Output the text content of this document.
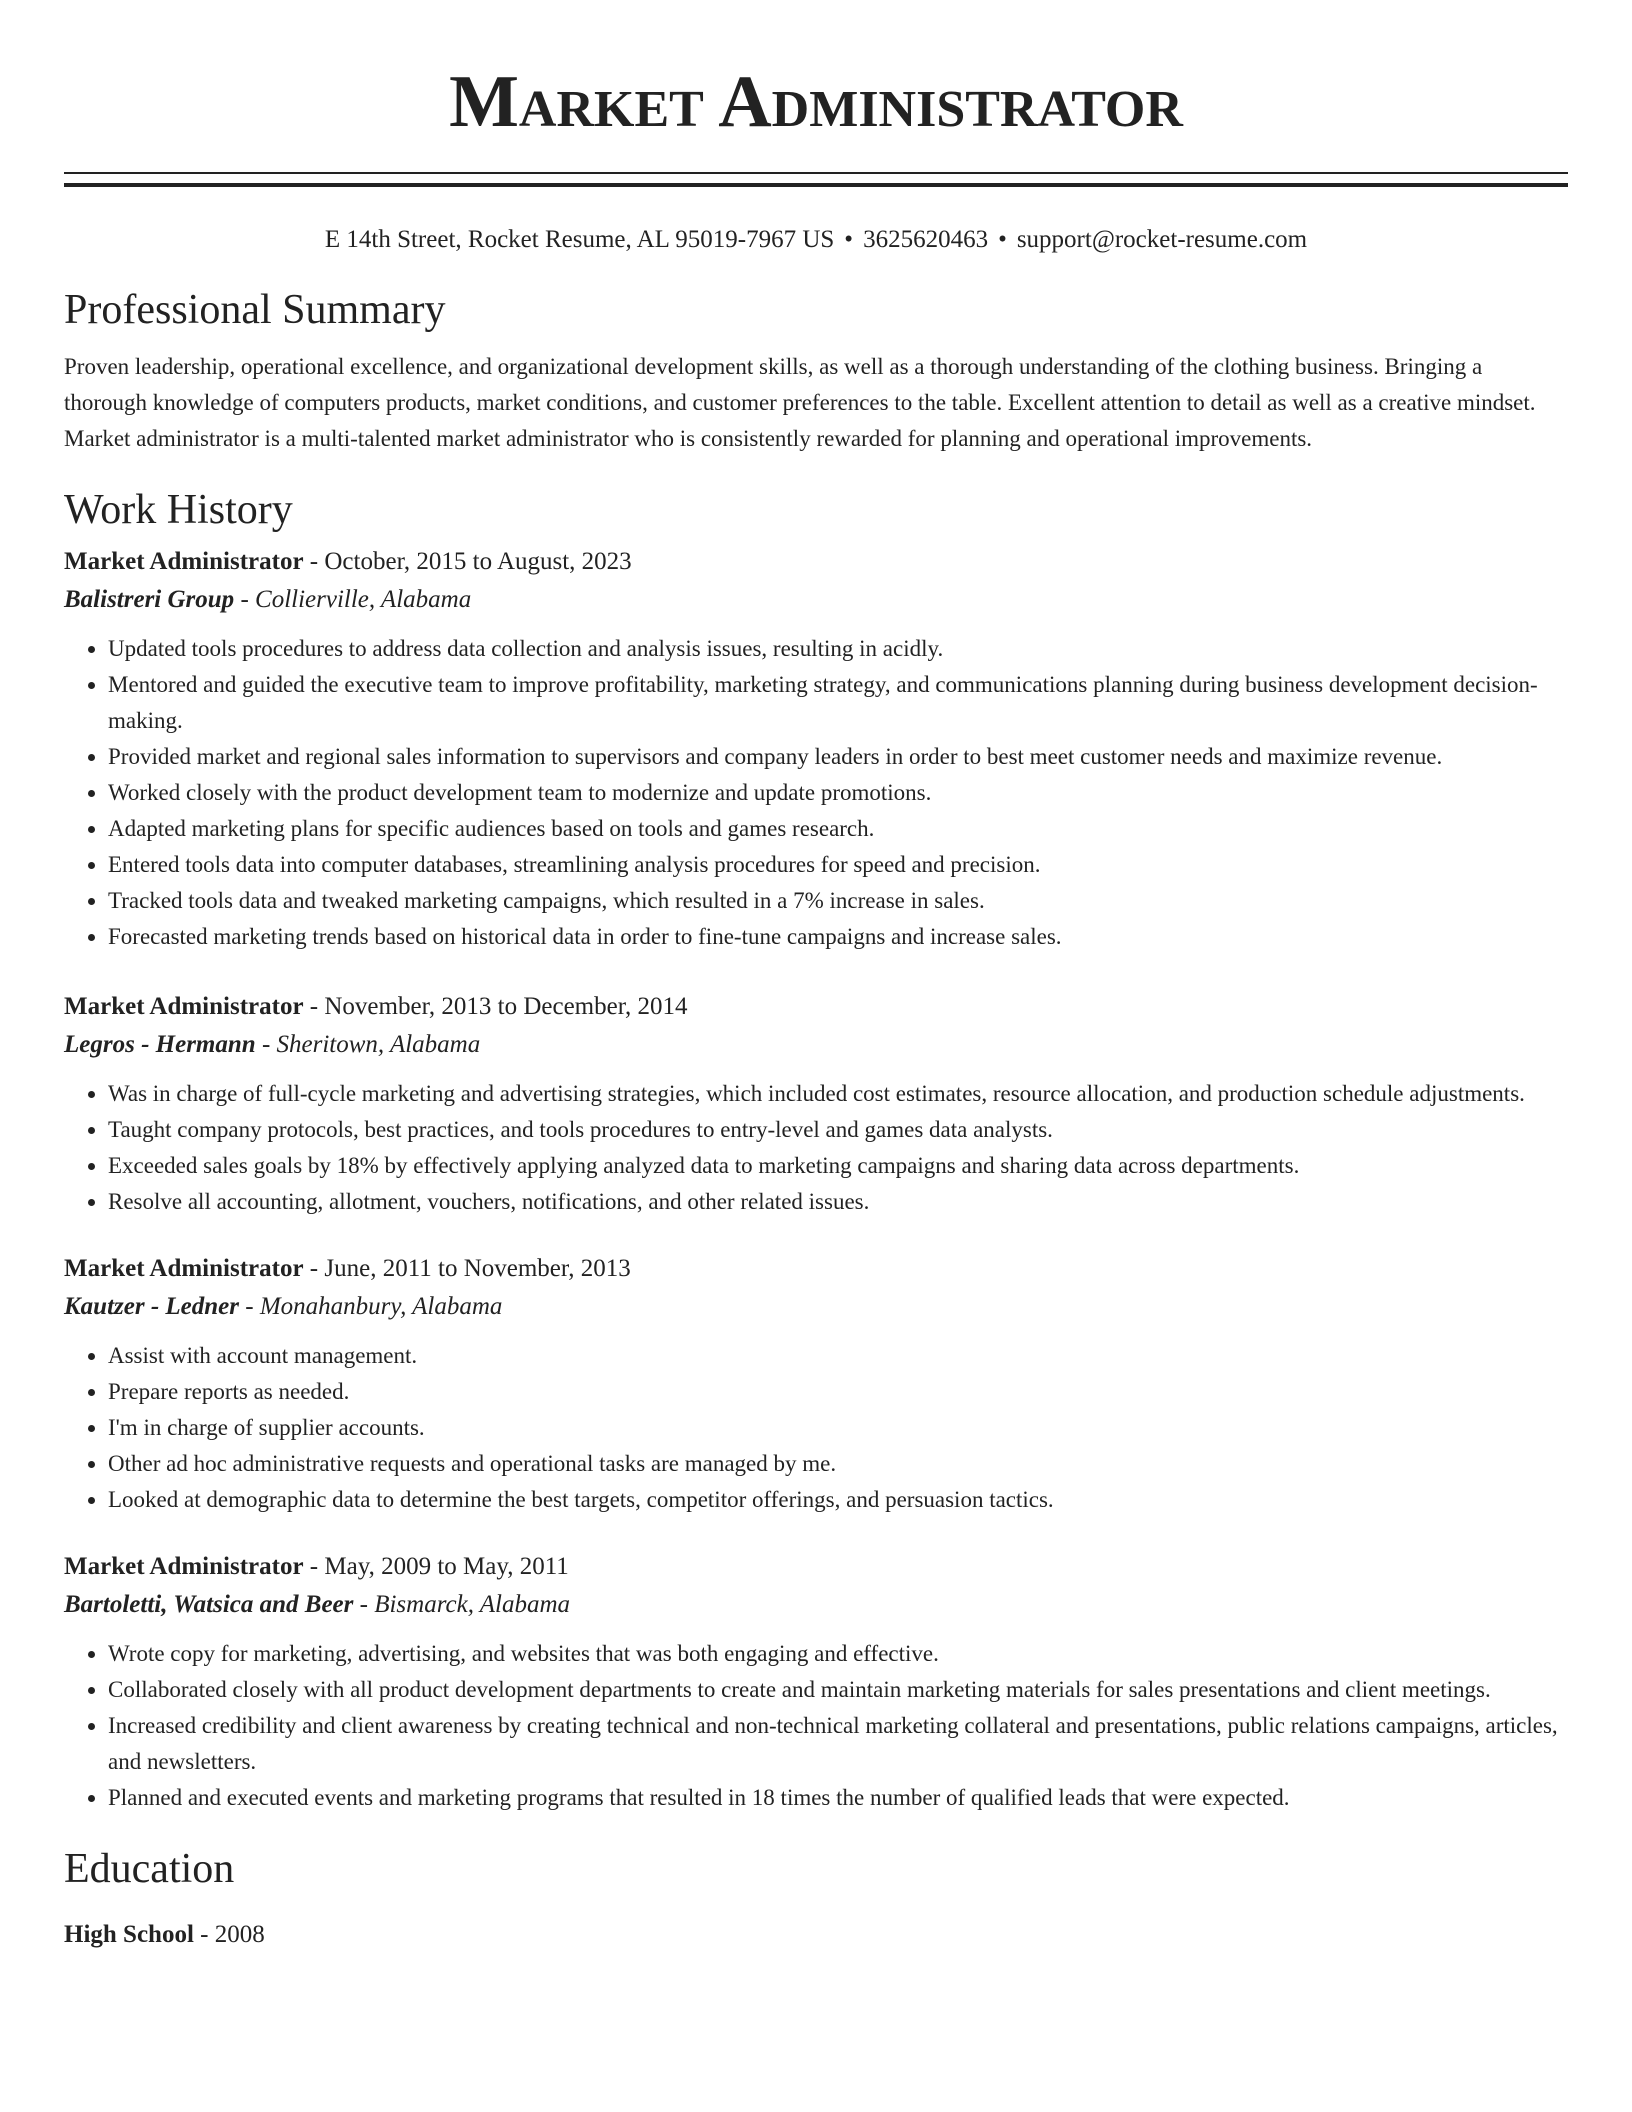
Market Administrator
E 14th Street, Rocket Resume, AL 95019-7967 US • 3625620463 • support@rocket-resume.com
Professional Summary
Proven leadership, operational excellence, and organizational development skills, as well as a thorough understanding of the clothing business. Bringing a thorough knowledge of computers products, market conditions, and customer preferences to the table. Excellent attention to detail as well as a creative mindset. Market administrator is a multi-talented market administrator who is consistently rewarded for planning and operational improvements.
Work History
Market Administrator - October, 2015 to August, 2023
Balistreri Group - Collierville, Alabama
• Updated tools procedures to address data collection and analysis issues, resulting in acidly.
• Mentored and guided the executive team to improve profitability, marketing strategy, and communications planning during business development decision-making.
• Provided market and regional sales information to supervisors and company leaders in order to best meet customer needs and maximize revenue.
• Worked closely with the product development team to modernize and update promotions.
• Adapted marketing plans for specific audiences based on tools and games research.
• Entered tools data into computer databases, streamlining analysis procedures for speed and precision.
• Tracked tools data and tweaked marketing campaigns, which resulted in a 7% increase in sales.
• Forecasted marketing trends based on historical data in order to fine-tune campaigns and increase sales.
Market Administrator - November, 2013 to December, 2014
Legros - Hermann - Sheritown, Alabama
• Was in charge of full-cycle marketing and advertising strategies, which included cost estimates, resource allocation, and production schedule adjustments.
• Taught company protocols, best practices, and tools procedures to entry-level and games data analysts.
• Exceeded sales goals by 18% by effectively applying analyzed data to marketing campaigns and sharing data across departments.
• Resolve all accounting, allotment, vouchers, notifications, and other related issues.
Market Administrator - June, 2011 to November, 2013
Kautzer - Ledner - Monahanbury, Alabama
• Assist with account management.
• Prepare reports as needed.
• I'm in charge of supplier accounts.
• Other ad hoc administrative requests and operational tasks are managed by me.
• Looked at demographic data to determine the best targets, competitor offerings, and persuasion tactics.
Market Administrator - May, 2009 to May, 2011
Bartoletti, Watsica and Beer - Bismarck, Alabama
• Wrote copy for marketing, advertising, and websites that was both engaging and effective.
• Collaborated closely with all product development departments to create and maintain marketing materials for sales presentations and client meetings.
• Increased credibility and client awareness by creating technical and non-technical marketing collateral and presentations, public relations campaigns, articles, and newsletters.
• Planned and executed events and marketing programs that resulted in 18 times the number of qualified leads that were expected.
Education
High School - 2008
